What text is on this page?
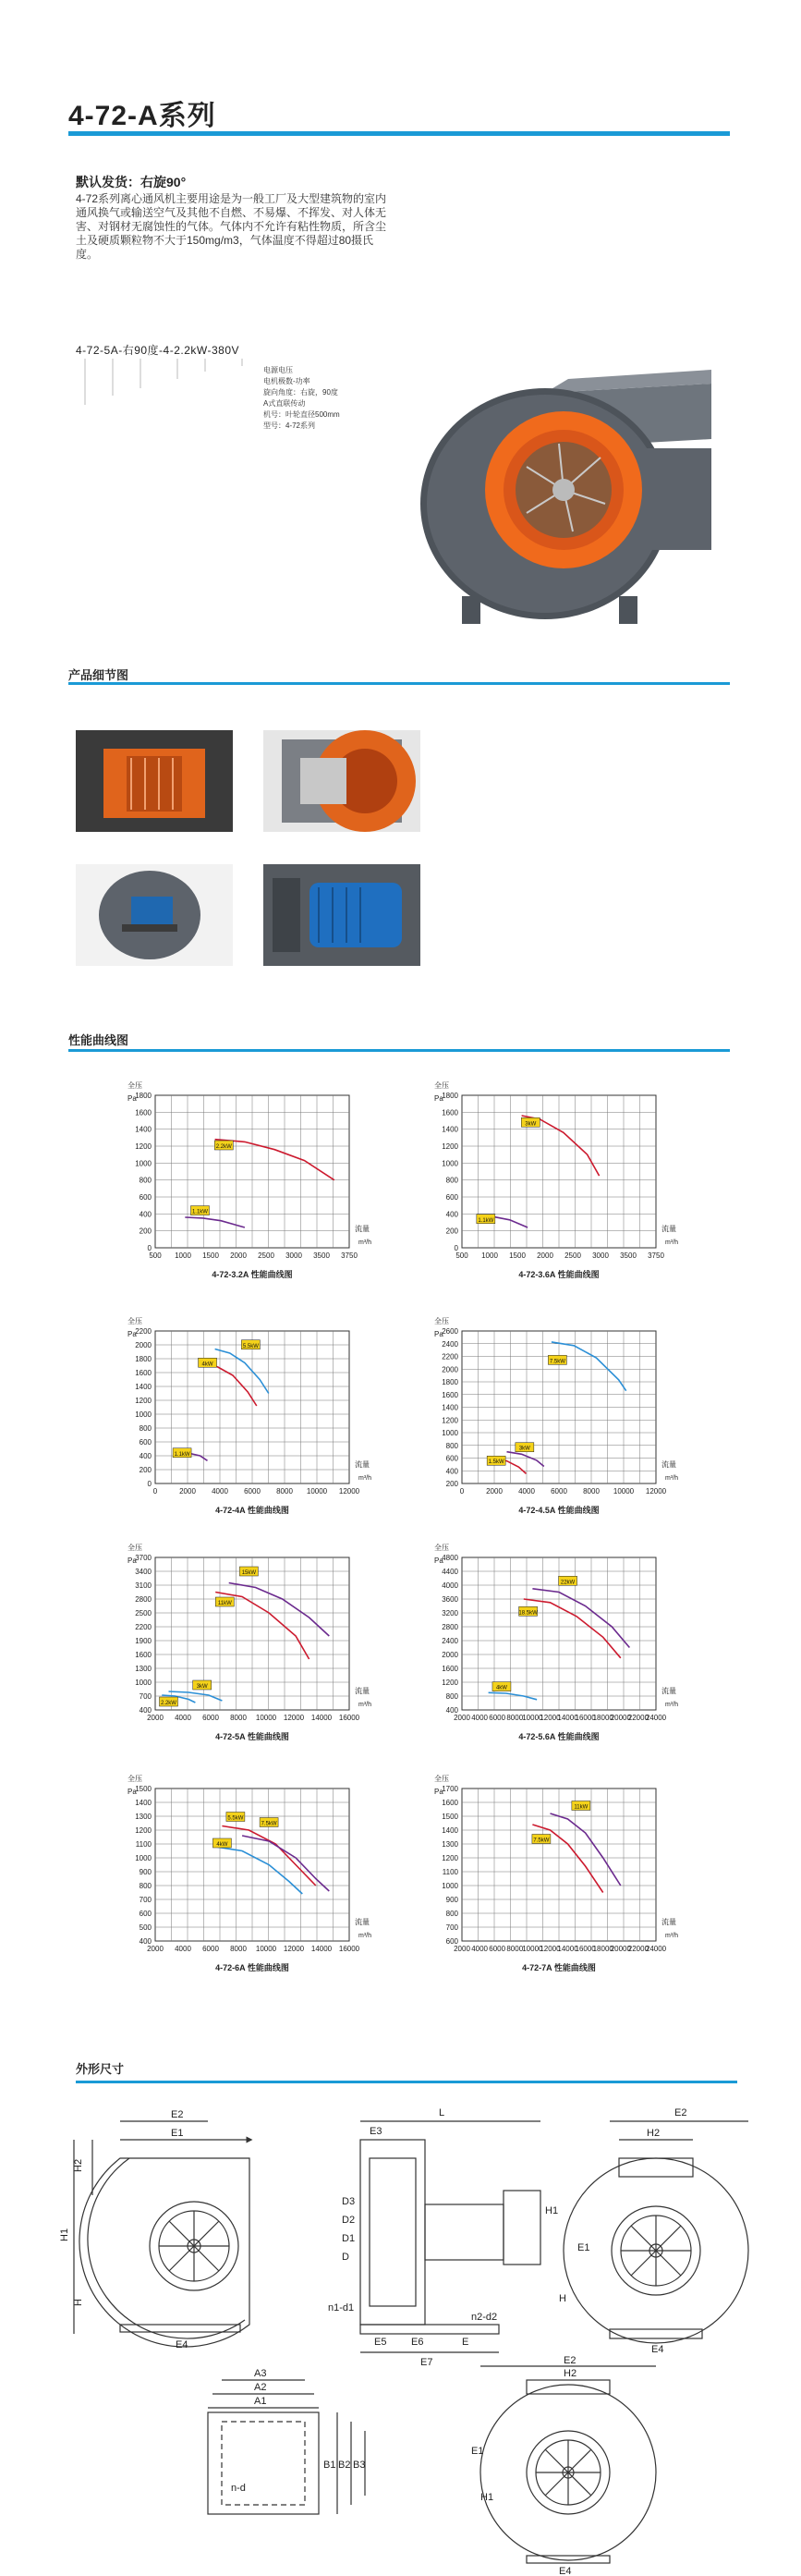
4-72-A系列
默认发货：右旋90°
4-72系列离心通风机主要用途是为一般工厂及大型建筑物的室内通风换气或输送空气及其他不自燃、不易爆、不挥发、对人体无害、对钢材无腐蚀性的气体。气体内不允许有粘性物质，所含尘土及硬质颗粒物不大于150mg/m3，气体温度不得超过80摄氏度。
4-72-5A-右90度-4-2.2kW-380V
电源电压
电机极数-功率
旋向角度：右旋，90度
A式直联传动
机号：叶轮直径500mm
型号：4-72系列
产品细节图
性能曲线图
0
200
400
600
800
1000
1200
1400
1600
1800
500 1000 1500 2000 2500 3000 3500 3750
全压
Pa
流量
m³/h
4-72-3.2A 性能曲线图
2.2kW
1.1kW
0
200
400
600
800
1000
1200
1400
1600
1800
500 1000 1500 2000 2500 3000 3500 3750
全压
Pa
流量
m³/h
4-72-3.6A 性能曲线图
3kW
1.1kW
0
200
400
600
800
1000
1200
1400
1600
1800
2000
2200
0	2000 4000 6000 8000 10000 12000
全压
Pa
流量
m³/h
4-72-4A 性能曲线图
5.5kW
4kW
1.1kW
200
400
600
800
1000
1200
1400
1600
1800
2000
2200
2400
2600
0	2000 4000 6000 8000 10000 12000
全压
Pa
流量
m³/h
4-72-4.5A 性能曲线图
7.5kW
3kW
1.5kW
400
700
1000
1300
1600
1900
2200
2500
2800
3100
3400
3700
2000 4000 6000 8000 10000 12000 14000 16000
全压
Pa
流量
m³/h
4-72-5A 性能曲线图
15kW
11kW
3kW
2.2kW
400
800
1200
1600
2000
2400
2800
3200
3600
4000
4400
4800
2000 4000 6000 8000 10000
12000
14000
16000
18000
20000
22000
24000
全压
Pa
流量
m³/h
4-72-5.6A 性能曲线图
22kW
18.5kW
4kW
400
500
600
700
800
900
1000
1100
1200
1300
1400
1500
2000 4000 6000 8000 10000 12000 14000 16000
全压
Pa
流量
m³/h
4-72-6A 性能曲线图
5.5kW
7.5kW
4kW
600
700
800
900
1000
1100
1200
1300
1400
1500
1600
1700
2000 4000 6000 8000 10000
12000
14000
16000
18000
20000
22000
24000
全压
Pa
流量
m³/h
4-72-7A 性能曲线图
11kW
7.5kW
外形尺寸
E2
E1
H2
H1
H
E4
L
E3
D3
D2
D1
D
n1-d1
n2-d2
E5 E6	E
E7
E2
H2
H1
E1
H
E4
A3
A2
A1
n-d
B1 B2 B3
E2
H2
E1
H1
E4
